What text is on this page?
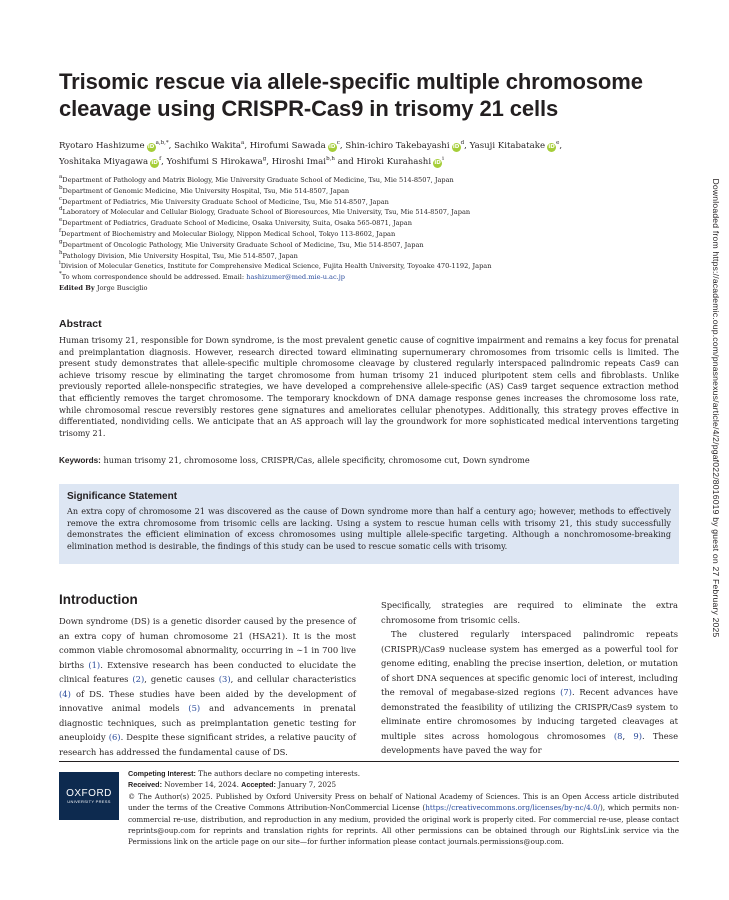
Trisomic rescue via allele-specific multiple chromosome cleavage using CRISPR-Cas9 in trisomy 21 cells
Ryotaro Hashizume $iD^{a,b,*}$, Sachiko Wakita$^a$, Hirofumi Sawada $iD^c$, Shin-ichiro Takebayashi $iD^d$, Yasuji Kitabatake $iD^e$,
Yoshitaka Miyagawa $iD^f$, Yoshifumi S Hirokawa$^g$, Hiroshi Imai$^{b,h}$ and Hiroki Kurahashi $iD^i$
$^a$Department of Pathology and Matrix Biology, Mie University Graduate School of Medicine, Tsu, Mie 514-8507, Japan
$^b$Department of Genomic Medicine, Mie University Hospital, Tsu, Mie 514-8507, Japan
$^c$Department of Pediatrics, Mie University Graduate School of Medicine, Tsu, Mie 514-8507, Japan
$^d$Laboratory of Molecular and Cellular Biology, Graduate School of Bioresources, Mie University, Tsu, Mie 514-8507, Japan
$^e$Department of Pediatrics, Graduate School of Medicine, Osaka University, Suita, Osaka 565-0871, Japan
$^f$Department of Biochemistry and Molecular Biology, Nippon Medical School, Tokyo 113-8602, Japan
$^g$Department of Oncologic Pathology, Mie University Graduate School of Medicine, Tsu, Mie 514-8507, Japan
$^h$Pathology Division, Mie University Hospital, Tsu, Mie 514-8507, Japan
$^i$Division of Molecular Genetics, Institute for Comprehensive Medical Science, Fujita Health University, Toyoake 470-1192, Japan
*To whom correspondence should be addressed. Email: hashizumer@med.mie-u.ac.jp
Edited By Jorge Busciglio
Abstract
Human trisomy 21, responsible for Down syndrome, is the most prevalent genetic cause of cognitive impairment and remains a key focus for prenatal and preimplantation diagnosis. However, research directed toward eliminating supernumerary chromosomes from trisomic cells is limited. The present study demonstrates that allele-specific multiple chromosome cleavage by clustered regularly interspaced palindromic repeats Cas9 can achieve trisomy rescue by eliminating the target chromosome from human trisomy 21 induced pluripotent stem cells and fibroblasts. Unlike previously reported allele-nonspecific strategies, we have developed a comprehensive allele-specific (AS) Cas9 target sequence extraction method that efficiently removes the target chromosome. The temporary knockdown of DNA damage response genes increases the chromosome loss rate, while chromosomal rescue reversibly restores gene signatures and ameliorates cellular phenotypes. Additionally, this strategy proves effective in differentiated, nondividing cells. We anticipate that an AS approach will lay the groundwork for more sophisticated medical interventions targeting trisomy 21.
Keywords: human trisomy 21, chromosome loss, CRISPR/Cas, allele specificity, chromosome cut, Down syndrome
Significance Statement
An extra copy of chromosome 21 was discovered as the cause of Down syndrome more than half a century ago; however, methods to effectively remove the extra chromosome from trisomic cells are lacking. Using a system to rescue human cells with trisomy 21, this study successfully demonstrates the efficient elimination of excess chromosomes using multiple allele-specific targeting. Although a nonchromosome-breaking elimination method is desirable, the findings of this study can be used to rescue somatic cells with trisomy.
Introduction

Down syndrome (DS) is a genetic disorder caused by the presence of an extra copy of human chromosome 21 (HSA21). It is the most common viable chromosomal abnormality, occurring in ∼1 in 700 live births (1). Extensive research has been conducted to elucidate the clinical features (2), genetic causes (3), and cellular characteristics (4) of DS. These studies have been aided by the development of innovative animal models (5) and advancements in prenatal diagnostic techniques, such as preimplantation genetic testing for aneuploidy (6). Despite these significant strides, a relative paucity of research has addressed the fundamental cause of DS.

Specifically, strategies are required to eliminate the extra chromosome from trisomic cells.

The clustered regularly interspaced palindromic repeats (CRISPR)/Cas9 nuclease system has emerged as a powerful tool for genome editing, enabling the precise insertion, deletion, or mutation of short DNA sequences at specific genomic loci of interest, including the removal of megabase-sized regions (7). Recent advances have demonstrated the feasibility of utilizing the CRISPR/Cas9 system to eliminate entire chromosomes by inducing targeted cleavages at multiple sites across homologous chromosomes (8, 9). These developments have paved the way for

OXFORD
UNIVERSITY PRESS

Competing Interest: The authors declare no competing interests.

Received: November 14, 2024. Accepted: January 7, 2025

© The Author(s) 2025. Published by Oxford University Press on behalf of National Academy of Sciences. This is an Open Access article distributed under the terms of the Creative Commons Attribution-NonCommercial License (https://creativecommons.org/licenses/by-nc/4.0/), which permits non-commercial re-use, distribution, and reproduction in any medium, provided the original work is properly cited. For commercial re-use, please contact reprints@oup.com for reprints and translation rights for reprints. All other permissions can be obtained through our RightsLink service via the Permissions link on the article page on our site—for further information please contact journals.permissions@oup.com.

Downloaded from https://academic.oup.com/pnasnexus/article/4/2/pgaf022/8016019 by guest on 27 February 2025
